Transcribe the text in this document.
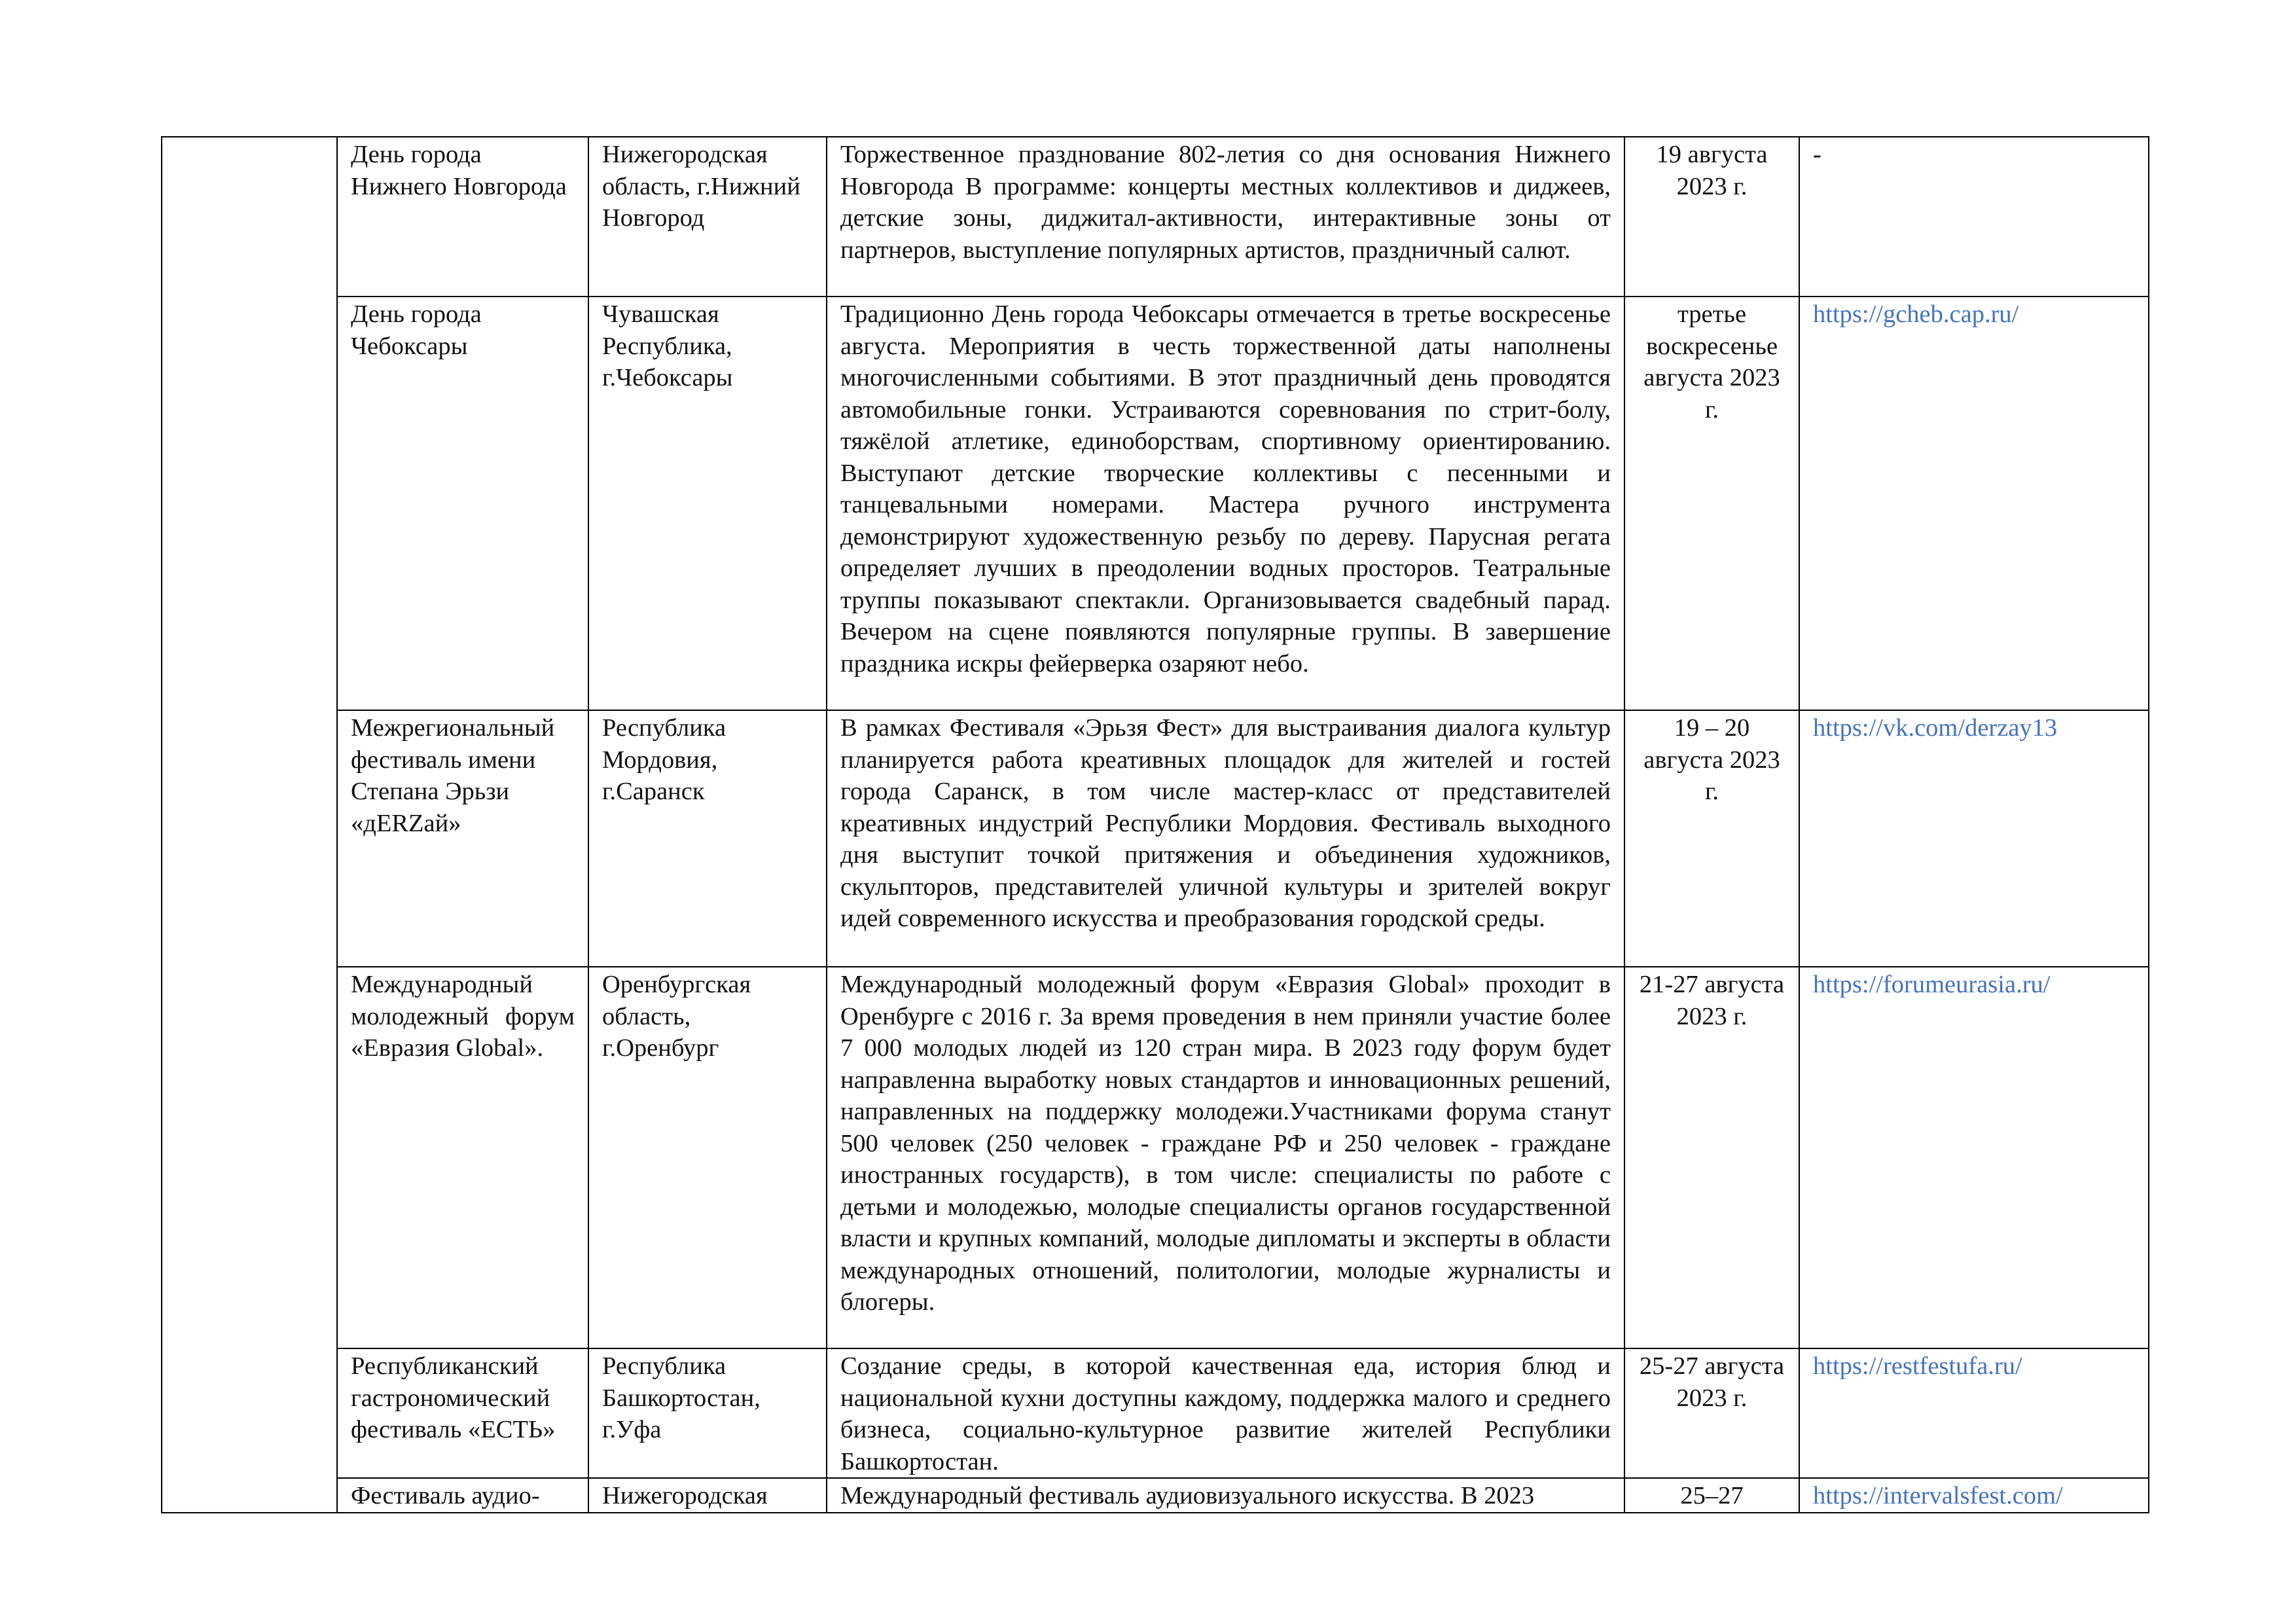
	День города Нижнего Новгорода	Нижегородская область, г.Нижний Новгород	Торжественное празднование 802-летия со дня основания Нижнего Новгорода В программе: концерты местных коллективов и диджеев, детские зоны, диджитал-активности, интерактивные зоны от партнеров, выступление популярных артистов, праздничный салют.	19 августа 2023 г.	-
	День города Чебоксары	Чувашская Республика, г.Чебоксары	Традиционно День города Чебоксары отмечается в третье воскресенье августа. Мероприятия в честь торжественной даты наполнены многочисленными событиями. В этот праздничный день проводятся автомобильные гонки. Устраиваются соревнования по стрит-болу, тяжёлой атлетике, единоборствам, спортивному ориентированию. Выступают детские творческие коллективы с песенными и танцевальными номерами. Мастера ручного инструмента демонстрируют художественную резьбу по дереву. Парусная регата определяет лучших в преодолении водных просторов. Театральные труппы показывают спектакли. Организовывается свадебный парад. Вечером на сцене появляются популярные группы. В завершение праздника искры фейерверка озаряют небо.	третье воскресенье августа 2023 г.	https://gcheb.cap.ru/
	Межрегиональный фестиваль имени Степана Эрьзи «дERZай»	Республика Мордовия, г.Саранск	В рамках Фестиваля «Эрьзя Фест» для выстраивания диалога культур планируется работа креативных площадок для жителей и гостей города Саранск, в том числе мастер-класс от представителей креативных индустрий Республики Мордовия. Фестиваль выходного дня выступит точкой притяжения и объединения художников, скульпторов, представителей уличной культуры и зрителей вокруг идей современного искусства и преобразования городской среды.	19 – 20 августа 2023 г.	https://vk.com/derzay13
	Международный молодежный форум «Евразия Global».	Оренбургская область, г.Оренбург	Международный молодежный форум «Евразия Global» проходит в Оренбурге с 2016 г. За время проведения в нем приняли участие более 7 000 молодых людей из 120 стран мира. В 2023 году форум будет направленна выработку новых стандартов и инновационных решений, направленных на поддержку молодежи.Участниками форума станут 500 человек (250 человек - граждане РФ и 250 человек - граждане иностранных государств), в том числе: специалисты по работе с детьми и молодежью, молодые специалисты органов государственной власти и крупных компаний, молодые дипломаты и эксперты в области международных отношений, политологии, молодые журналисты и блогеры.	21-27 августа 2023 г.	https://forumeurasia.ru/
	Республиканский гастрономический фестиваль «ЕСТЬ»	Республика Башкортостан, г.Уфа	Создание среды, в которой качественная еда, история блюд и национальной кухни доступны каждому, поддержка малого и среднего бизнеса, социально-культурное развитие жителей Республики Башкортостан.	25-27 августа 2023 г.	https://restfestufa.ru/
	Фестиваль аудио-	Нижегородская	Международный фестиваль аудиовизуального искусства. В 2023	25–27	https://intervalsfest.com/
